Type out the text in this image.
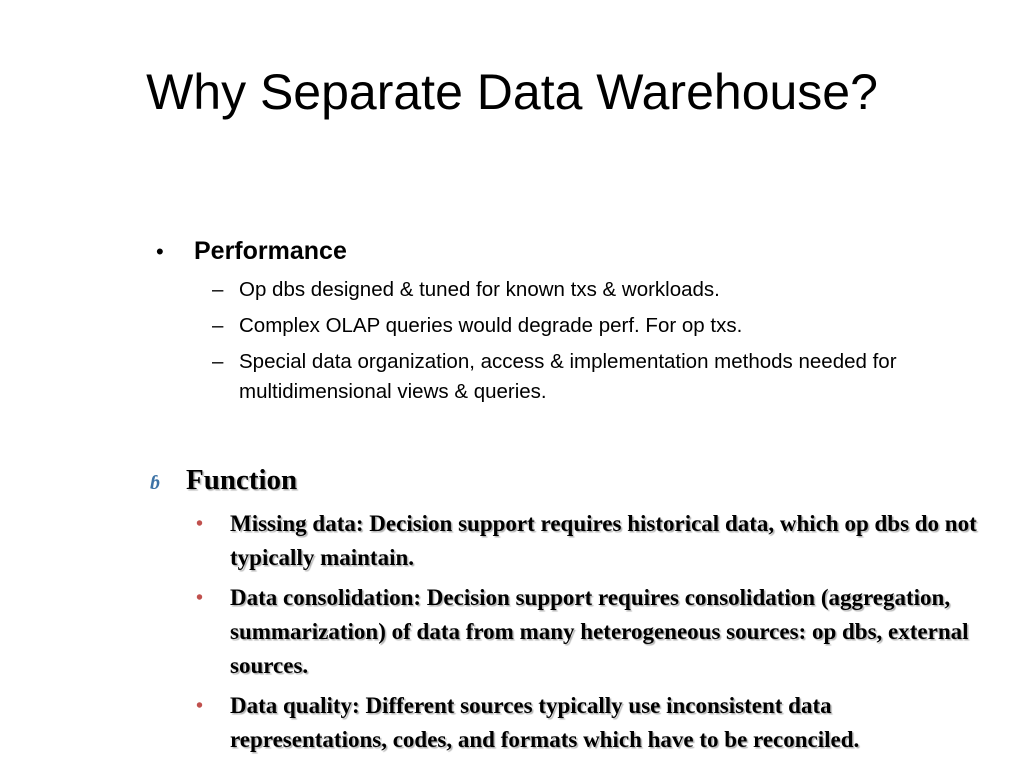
Why Separate Data Warehouse?
•	Performance
– Op dbs designed & tuned for known txs & workloads.
– Complex OLAP queries would degrade perf. For op txs.
– Special data organization, access & implementation methods needed for multidimensional views & queries.
ɓ Function
•	Missing data: Decision support requires historical data, which op dbs do not typically maintain.
•	Data consolidation: Decision support requires consolidation (aggregation, summarization) of data from many heterogeneous sources: op dbs, external sources.
•	Data quality: Different sources typically use inconsistent data representations, codes, and formats which have to be reconciled.
